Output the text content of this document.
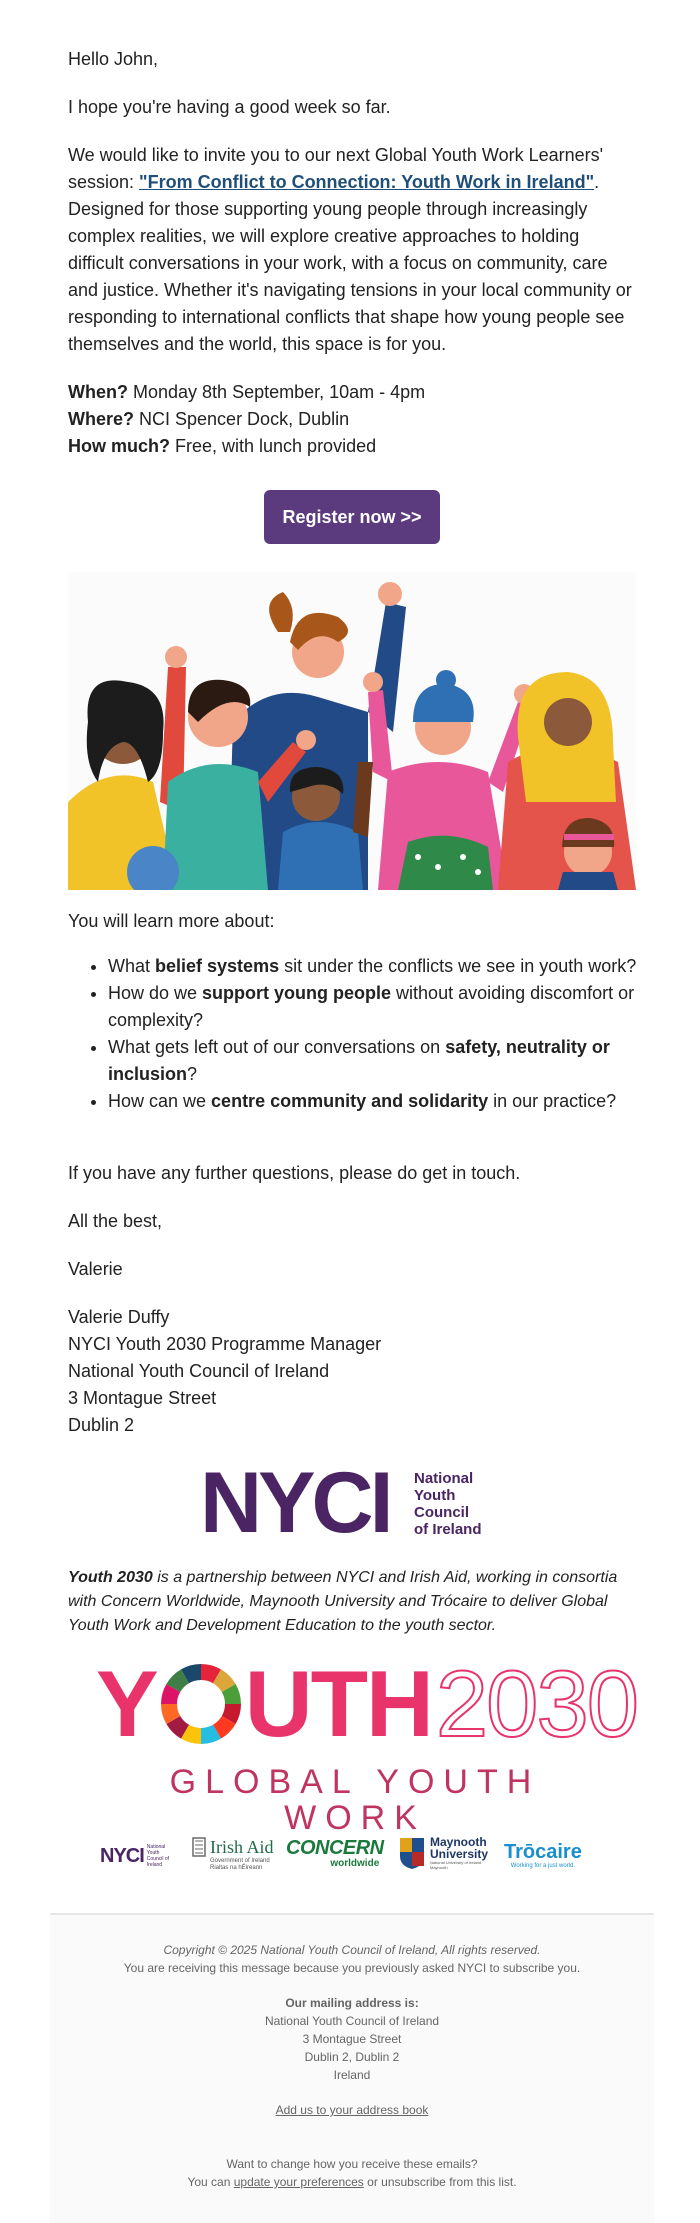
Hello John,

I hope you're having a good week so far.

We would like to invite you to our next Global Youth Work Learners' session: "From Conflict to Connection: Youth Work in Ireland". Designed for those supporting young people through increasingly complex realities, we will explore creative approaches to holding difficult conversations in your work, with a focus on community, care and justice. Whether it's navigating tensions in your local community or responding to international conflicts that shape how young people see themselves and the world, this space is for you.

When? Monday 8th September, 10am - 4pm

Where? NCI Spencer Dock, Dublin

How much? Free, with lunch provided

Register now >>

You will learn more about:

• What belief systems sit under the conflicts we see in youth work?
• How do we support young people without avoiding discomfort or complexity?
• What gets left out of our conversations on safety, neutrality or inclusion?
• How can we centre community and solidarity in our practice?

If you have any further questions, please do get in touch.

All the best,

Valerie

Valerie Duffy

NYCI Youth 2030 Programme Manager

National Youth Council of Ireland

3 Montague Street

Dublin 2

NYCI National
Youth
Council
of Ireland
Youth 2030 is a partnership between NYCI and Irish Aid, working in consortia with Concern Worldwide, Maynooth University and Trócaire to deliver Global Youth Work and Development Education to the youth sector.
Y UTH 2030
GLOBAL YOUTH WORK
NYCI National Youth Council of Ireland
Irish Aid
Government of Ireland
Rialtas na hÉireann
CONCERN
worldwide
Maynooth
University
National University of Ireland Maynooth
Trōcaire
Working for a just world.
Copyright © 2025 National Youth Council of Ireland, All rights reserved.
You are receiving this message because you previously asked NYCI to subscribe you.
Our mailing address is:
National Youth Council of Ireland
3 Montague Street
Dublin 2, Dublin 2
Ireland
Add us to your address book
Want to change how you receive these emails?
You can update your preferences or unsubscribe from this list.
